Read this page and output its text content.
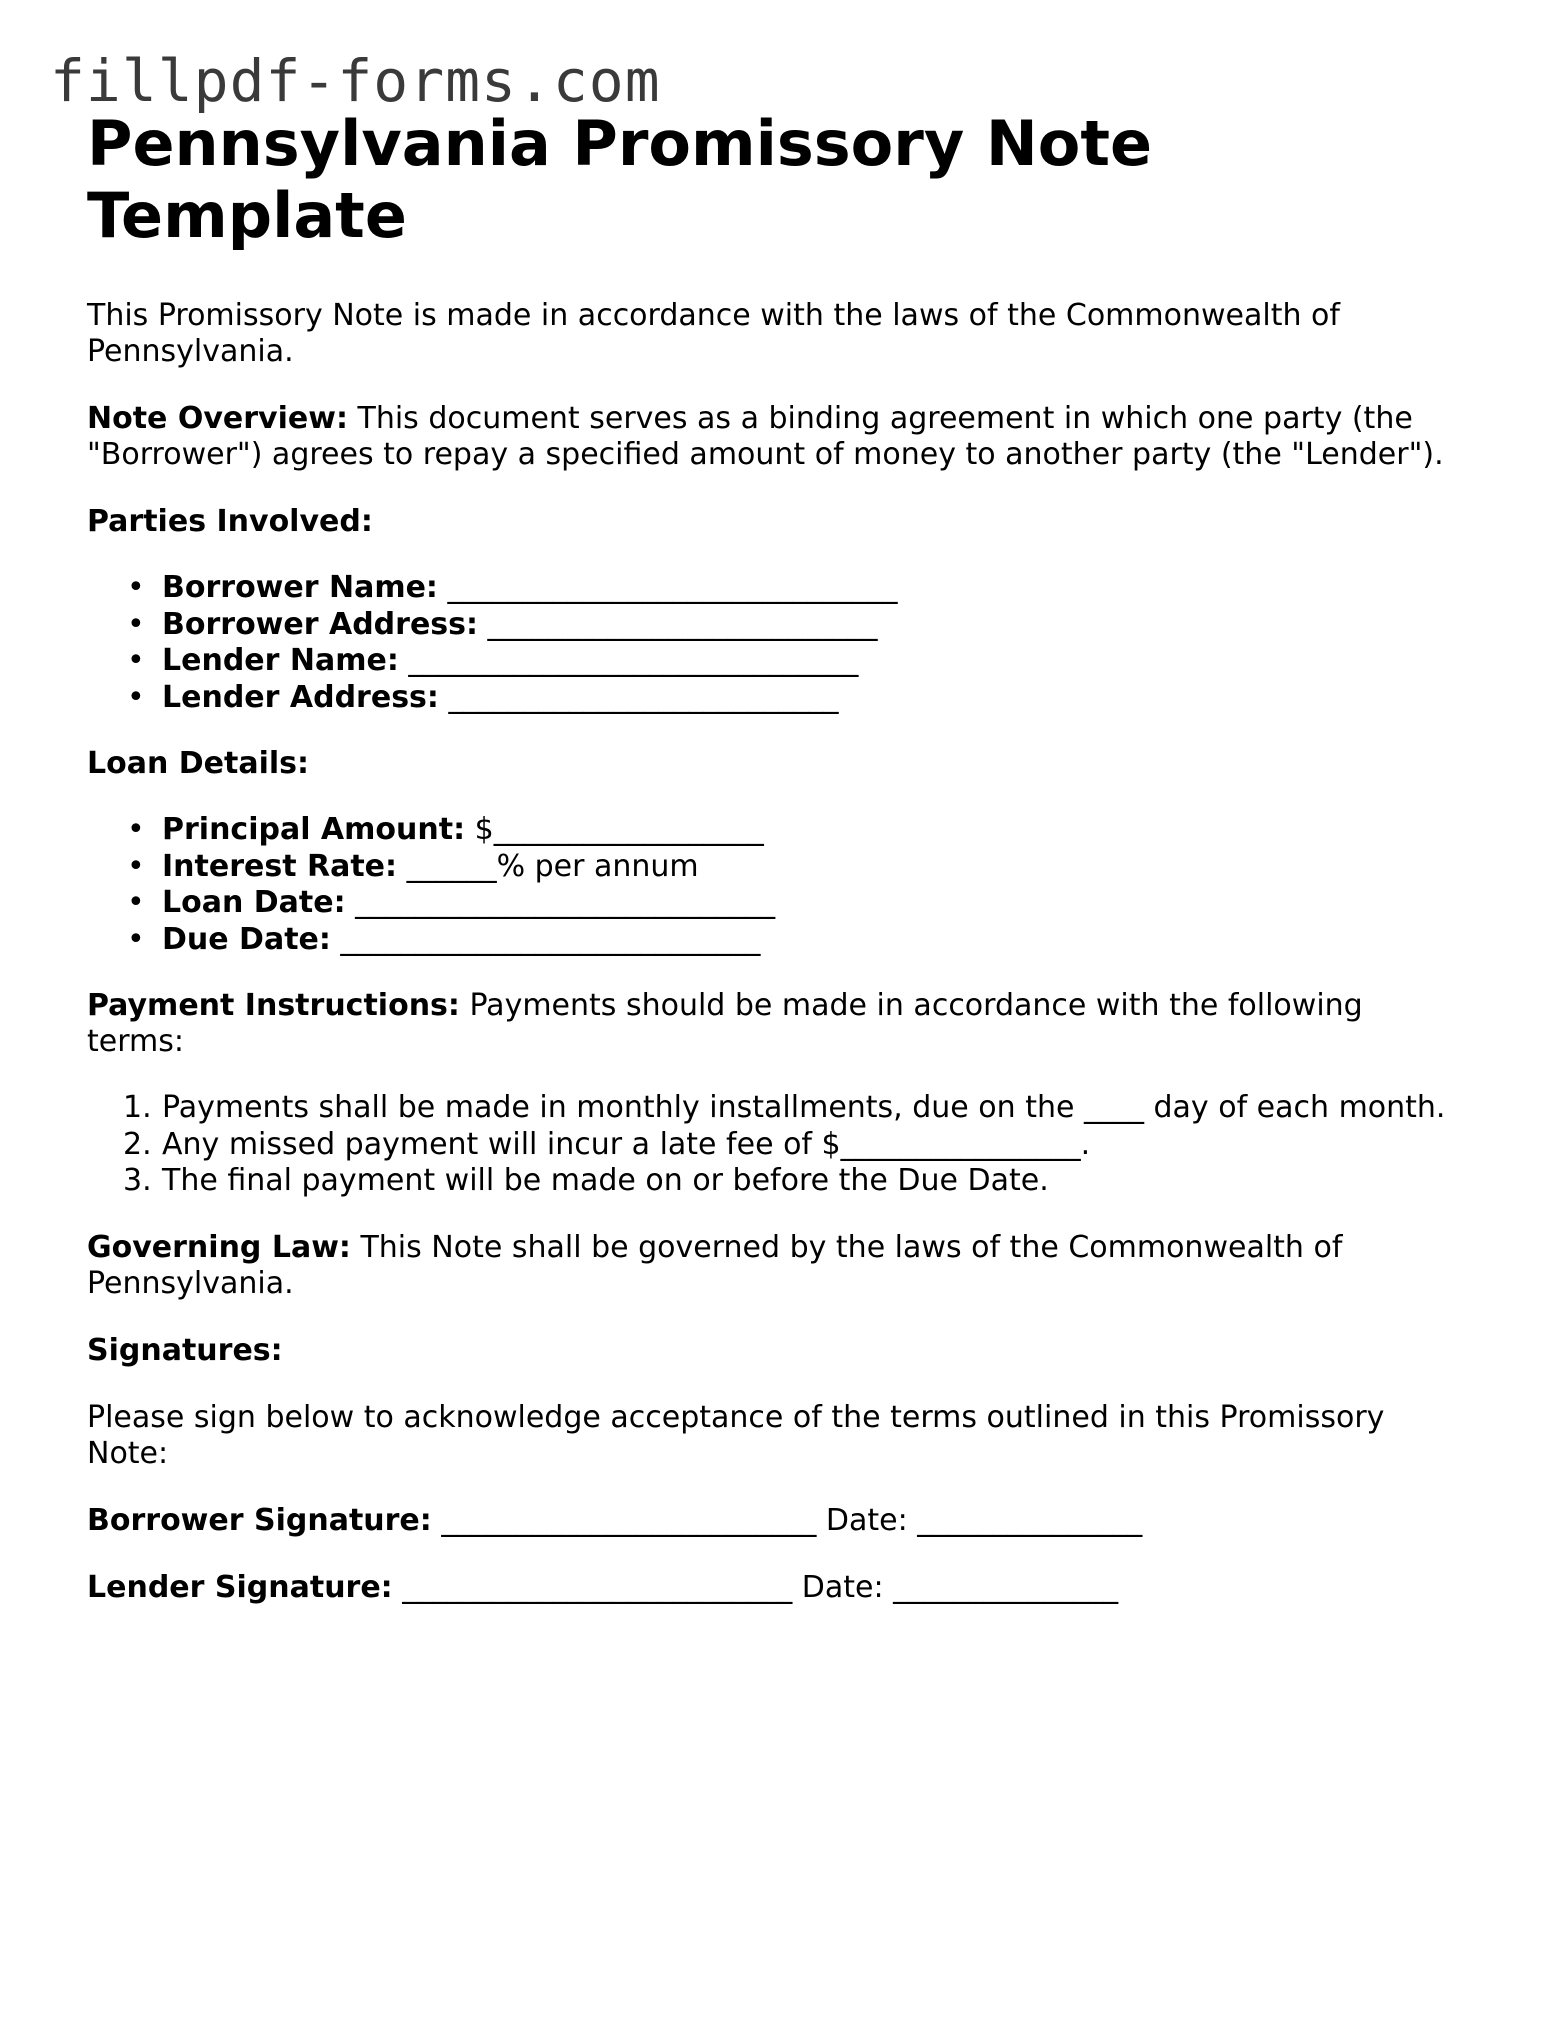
fillpdf-forms.com
Pennsylvania Promissory Note Template

This Promissory Note is made in accordance with the laws of the Commonwealth of Pennsylvania.

Note Overview: This document serves as a binding agreement in which one party (the "Borrower") agrees to repay a specified amount of money to another party (the "Lender").

Parties Involved:

• Borrower Name: ______________________________
• Borrower Address: __________________________
• Lender Name: ______________________________
• Lender Address: __________________________

Loan Details:

• Principal Amount: $__________________
• Interest Rate: ______% per annum
• Loan Date: ____________________________
• Due Date: ____________________________

Payment Instructions: Payments should be made in accordance with the following terms:

1. Payments shall be made in monthly installments, due on the ____ day of each month.
2. Any missed payment will incur a late fee of $________________.
3. The final payment will be made on or before the Due Date.

Governing Law: This Note shall be governed by the laws of the Commonwealth of Pennsylvania.

Signatures:

Please sign below to acknowledge acceptance of the terms outlined in this Promissory Note:

Borrower Signature: _________________________ Date: _______________

Lender Signature: __________________________ Date: _______________
